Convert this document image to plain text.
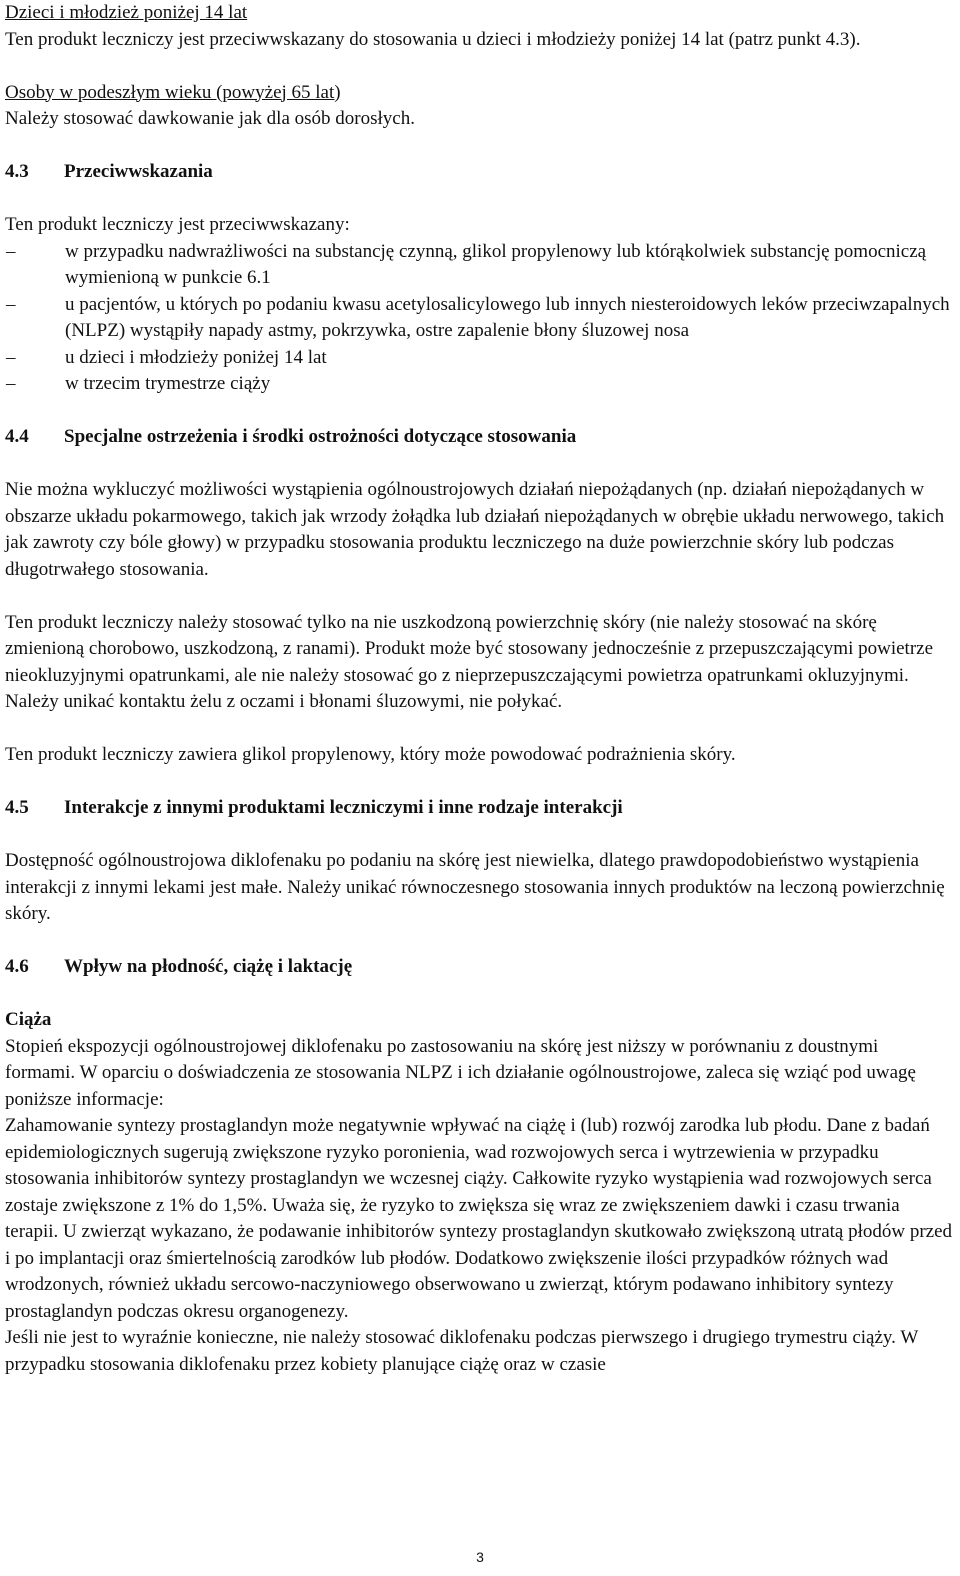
Dzieci i młodzież poniżej 14 lat

Ten produkt leczniczy jest przeciwwskazany do stosowania u dzieci i młodzieży poniżej 14 lat (patrz punkt 4.3).

Osoby w podeszłym wieku (powyżej 65 lat)

Należy stosować dawkowanie jak dla osób dorosłych.

4.3	Przeciwwskazania

Ten produkt leczniczy jest przeciwwskazany:

–	w przypadku nadwrażliwości na substancję czynną, glikol propylenowy lub którąkolwiek substancję pomocniczą wymienioną w punkcie 6.1
–	u pacjentów, u których po podaniu kwasu acetylosalicylowego lub innych niesteroidowych leków przeciwzapalnych (NLPZ) wystąpiły napady astmy, pokrzywka, ostre zapalenie błony śluzowej nosa
–	u dzieci i młodzieży poniżej 14 lat
–	w trzecim trymestrze ciąży
4.4	Specjalne ostrzeżenia i środki ostrożności dotyczące stosowania

Nie można wykluczyć możliwości wystąpienia ogólnoustrojowych działań niepożądanych (np. działań niepożądanych w obszarze układu pokarmowego, takich jak wrzody żołądka lub działań niepożądanych w obrębie układu nerwowego, takich jak zawroty czy bóle głowy) w przypadku stosowania produktu leczniczego na duże powierzchnie skóry lub podczas długotrwałego stosowania.

Ten produkt leczniczy należy stosować tylko na nie uszkodzoną powierzchnię skóry (nie należy stosować na skórę zmienioną chorobowo, uszkodzoną, z ranami). Produkt może być stosowany jednocześnie z przepuszczającymi powietrze nieokluzyjnymi opatrunkami, ale nie należy stosować go z nieprzepuszczającymi powietrza opatrunkami okluzyjnymi.

Należy unikać kontaktu żelu z oczami i błonami śluzowymi, nie połykać.

Ten produkt leczniczy zawiera glikol propylenowy, który może powodować podrażnienia skóry.

4.5	Interakcje z innymi produktami leczniczymi i inne rodzaje interakcji

Dostępność ogólnoustrojowa diklofenaku po podaniu na skórę jest niewielka, dlatego prawdopodobieństwo wystąpienia interakcji z innymi lekami jest małe. Należy unikać równoczesnego stosowania innych produktów na leczoną powierzchnię skóry.

4.6	Wpływ na płodność, ciążę i laktację

Ciąża

Stopień ekspozycji ogólnoustrojowej diklofenaku po zastosowaniu na skórę jest niższy w porównaniu z doustnymi formami. W oparciu o doświadczenia ze stosowania NLPZ i ich działanie ogólnoustrojowe, zaleca się wziąć pod uwagę poniższe informacje:

Zahamowanie syntezy prostaglandyn może negatywnie wpływać na ciążę i (lub) rozwój zarodka lub płodu. Dane z badań epidemiologicznych sugerują zwiększone ryzyko poronienia, wad rozwojowych serca i wytrzewienia w przypadku stosowania inhibitorów syntezy prostaglandyn we wczesnej ciąży. Całkowite ryzyko wystąpienia wad rozwojowych serca zostaje zwiększone z 1% do 1,5%. Uważa się, że ryzyko to zwiększa się wraz ze zwiększeniem dawki i czasu trwania terapii. U zwierząt wykazano, że podawanie inhibitorów syntezy prostaglandyn skutkowało zwiększoną utratą płodów przed i po implantacji oraz śmiertelnością zarodków lub płodów. Dodatkowo zwiększenie ilości przypadków różnych wad wrodzonych, również układu sercowo-naczyniowego obserwowano u zwierząt, którym podawano inhibitory syntezy prostaglandyn podczas okresu organogenezy.

Jeśli nie jest to wyraźnie konieczne, nie należy stosować diklofenaku podczas pierwszego i drugiego trymestru ciąży. W przypadku stosowania diklofenaku przez kobiety planujące ciążę oraz w czasie

3
